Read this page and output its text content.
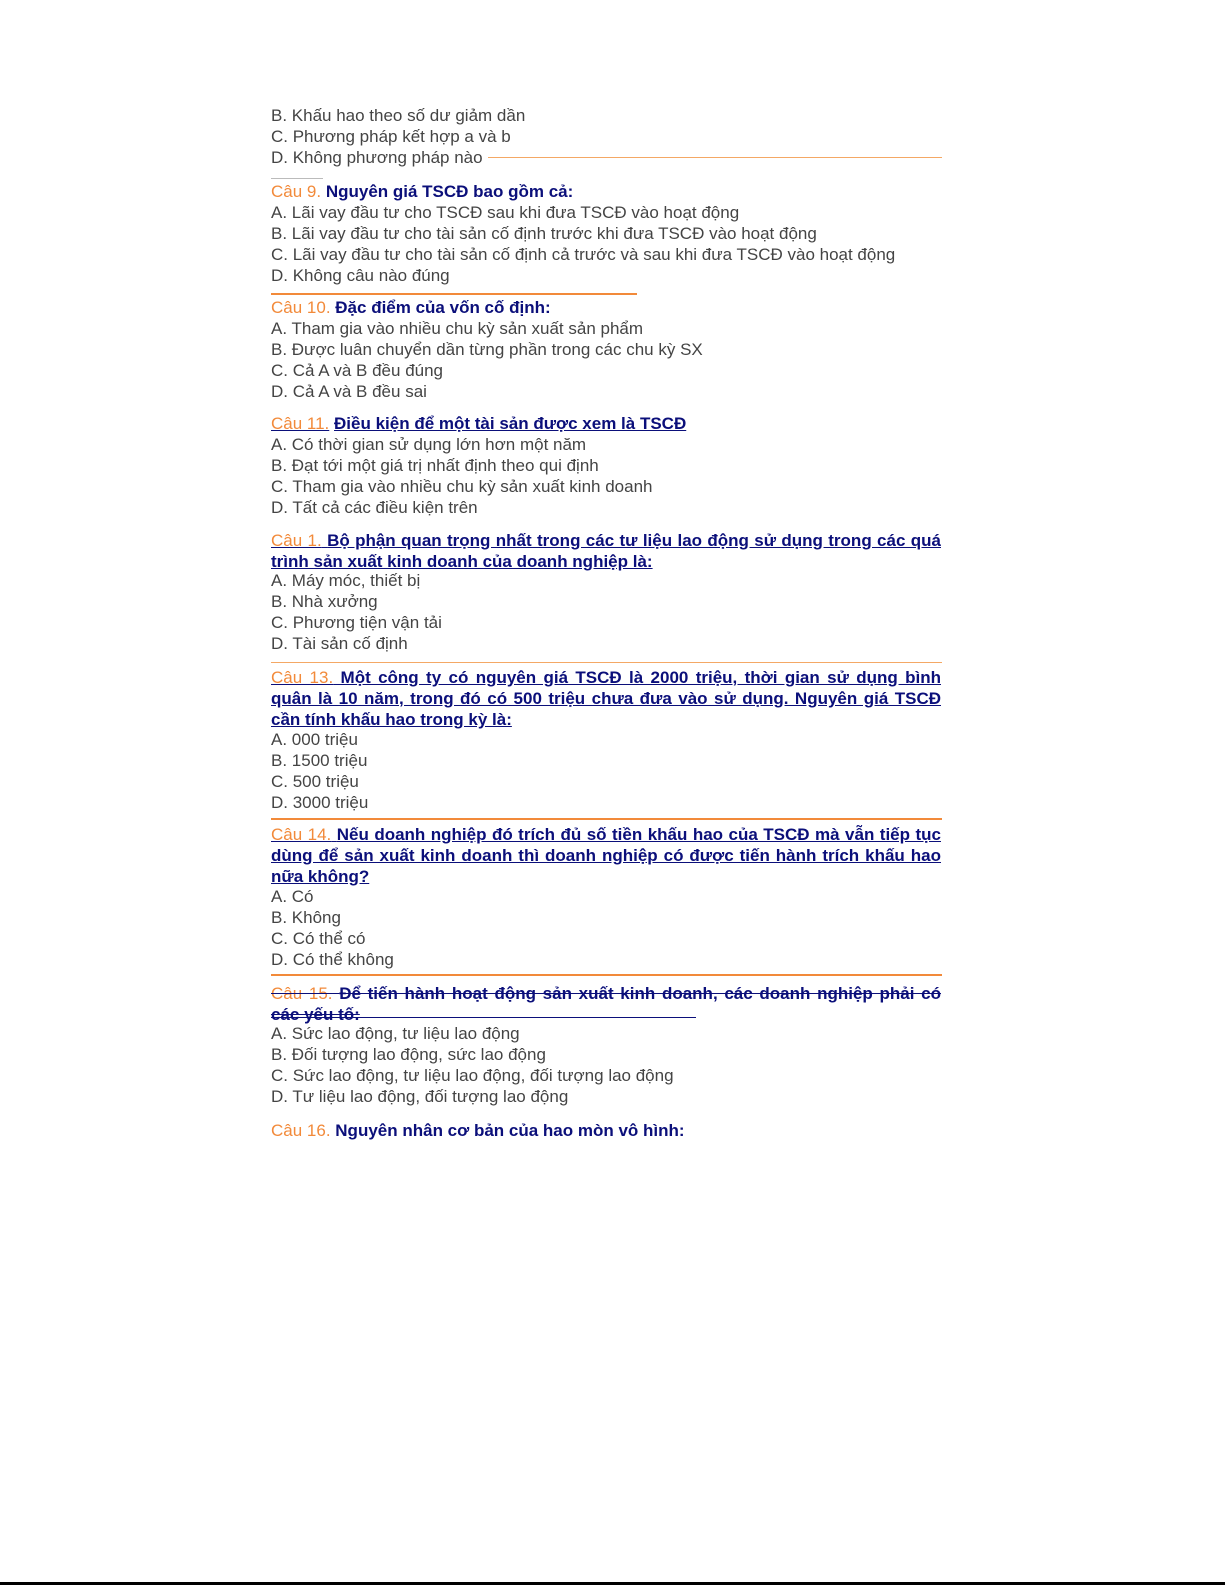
B. Khấu hao theo số dư giảm dần
C. Phương pháp kết hợp a và b
D. Không phương pháp nào
Câu 9. Nguyên giá TSCĐ bao gồm cả:
A. Lãi vay đầu tư cho TSCĐ sau khi đưa TSCĐ vào hoạt động
B. Lãi vay đầu tư cho tài sản cố định trước khi đưa TSCĐ vào hoạt động
C. Lãi vay đầu tư cho tài sản cố định cả trước và sau khi đưa TSCĐ vào hoạt động
D. Không câu nào đúng
Câu 10. Đặc điểm của vốn cố định:
A. Tham gia vào nhiều chu kỳ sản xuất sản phẩm
B. Được luân chuyển dần từng phần trong các chu kỳ SX
C. Cả A và B đều đúng
D. Cả A và B đều sai
Câu 11. Điều kiện để một tài sản được xem là TSCĐ
A. Có thời gian sử dụng lớn hơn một năm
B. Đạt tới một giá trị nhất định theo qui định
C. Tham gia vào nhiều chu kỳ sản xuất kinh doanh
D. Tất cả các điều kiện trên
Câu 1. Bộ phận quan trọng nhất trong các tư liệu lao động sử dụng trong các quá trình sản xuất kinh doanh của doanh nghiệp là:
A. Máy móc, thiết bị
B. Nhà xưởng
C. Phương tiện vận tải
D. Tài sản cố định
Câu 13. Một công ty có nguyên giá TSCĐ là 2000 triệu, thời gian sử dụng bình quân là 10 năm, trong đó có 500 triệu chưa đưa vào sử dụng. Nguyên giá TSCĐ cần tính khấu hao trong kỳ là:
A. 000 triệu
B. 1500 triệu
C. 500 triệu
D. 3000 triệu
Câu 14. Nếu doanh nghiệp đó trích đủ số tiền khấu hao của TSCĐ mà vẫn tiếp tục dùng để sản xuất kinh doanh thì doanh nghiệp có được tiến hành trích khấu hao nữa không?
A. Có
B. Không
C. Có thể có
D. Có thể không
Câu 15. Để tiến hành hoạt động sản xuất kinh doanh, các doanh nghiệp phải có các yếu tố:
A. Sức lao động, tư liệu lao động
B. Đối tượng lao động, sức lao động
C. Sức lao động, tư liệu lao động, đối tượng lao động
D. Tư liệu lao động, đối tượng lao động
Câu 16. Nguyên nhân cơ bản của hao mòn vô hình:
